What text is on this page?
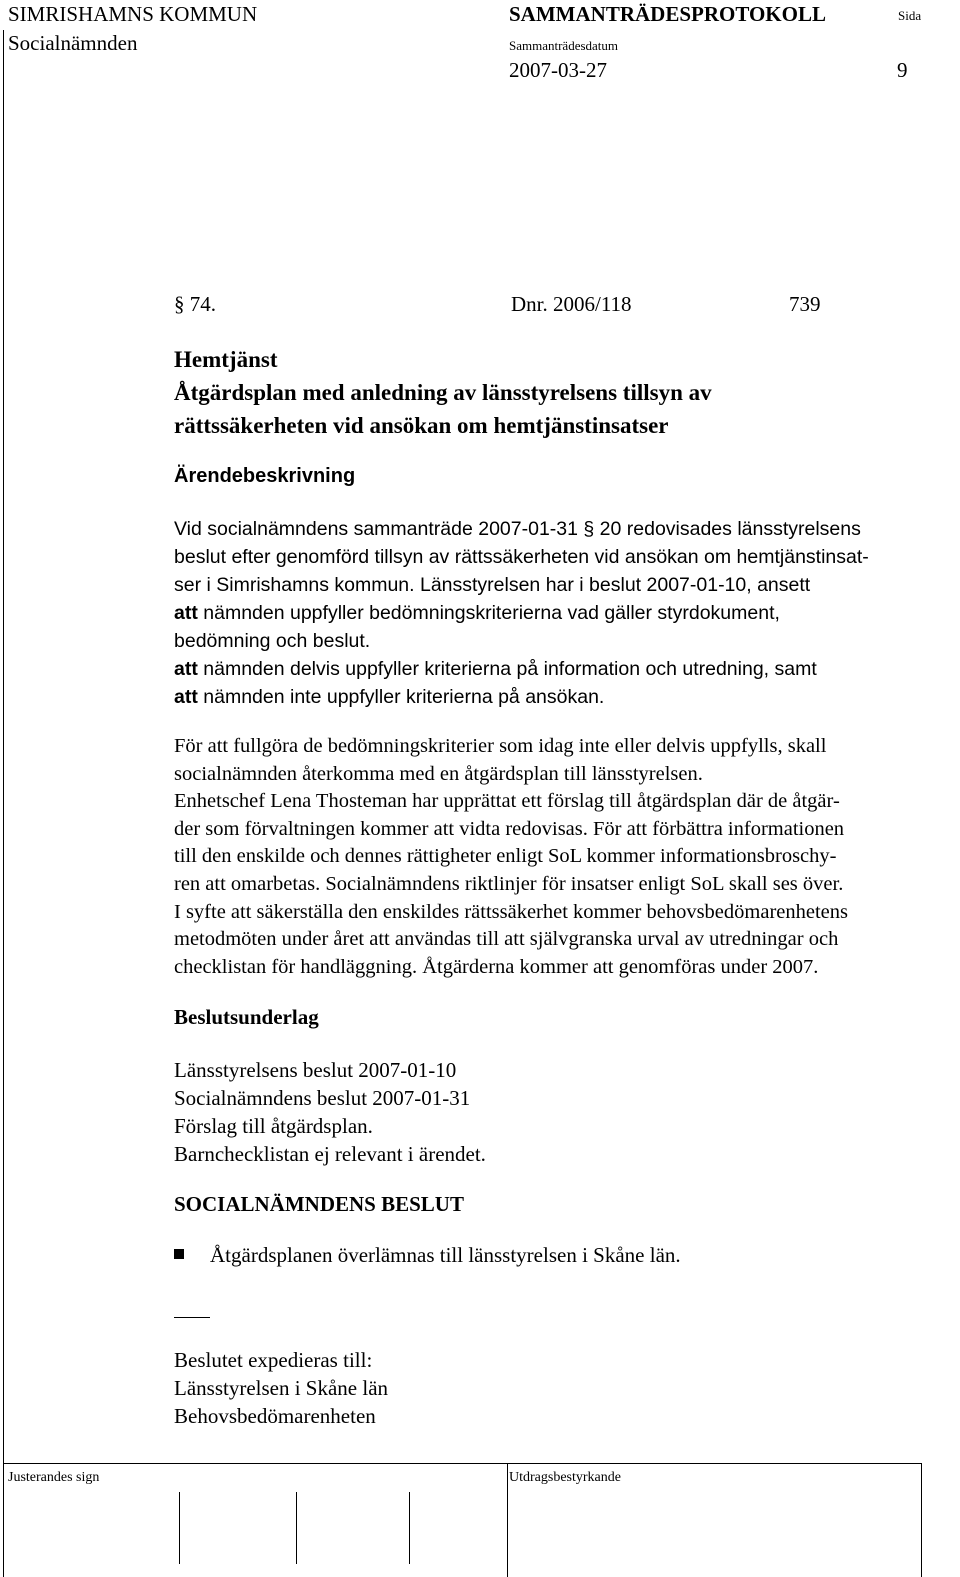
SIMRISHAMNS KOMMUN	SAMMANTRÄDESPROTOKOLL	Sida
Socialnämnden	Sammanträdesdatum
2007-03-27	9
§ 74.	Dnr. 2006/118	739
Hemtjänst
Åtgärdsplan med anledning av länsstyrelsens tillsyn av
rättssäkerheten vid ansökan om hemtjänstinsatser
Ärendebeskrivning
Vid socialnämndens sammanträde 2007-01-31 § 20 redovisades länsstyrelsens
beslut efter genomförd tillsyn av rättssäkerheten vid ansökan om hemtjänstinsat-
ser i Simrishamns kommun. Länsstyrelsen har i beslut 2007-01-10, ansett
att nämnden uppfyller bedömningskriterierna vad gäller styrdokument,
bedömning och beslut.
att nämnden delvis uppfyller kriterierna på information och utredning, samt
att nämnden inte uppfyller kriterierna på ansökan.
För att fullgöra de bedömningskriterier som idag inte eller delvis uppfylls, skall
socialnämnden återkomma med en åtgärdsplan till länsstyrelsen.
Enhetschef Lena Thosteman har upprättat ett förslag till åtgärdsplan där de åtgär-
der som förvaltningen kommer att vidta redovisas. För att förbättra informationen
till den enskilde och dennes rättigheter enligt SoL kommer informationsbroschy-
ren att omarbetas. Socialnämndens riktlinjer för insatser enligt SoL skall ses över.
I syfte att säkerställa den enskildes rättssäkerhet kommer behovsbedömarenhetens
metodmöten under året att användas till att självgranska urval av utredningar och
checklistan för handläggning. Åtgärderna kommer att genomföras under 2007.
Beslutsunderlag
Länsstyrelsens beslut 2007-01-10
Socialnämndens beslut 2007-01-31
Förslag till åtgärdsplan.
Barnchecklistan ej relevant i ärendet.
SOCIALNÄMNDENS BESLUT
Åtgärdsplanen överlämnas till länsstyrelsen i Skåne län.
Beslutet expedieras till:
Länsstyrelsen i Skåne län
Behovsbedömarenheten
Justerandes sign	Utdragsbestyrkande
